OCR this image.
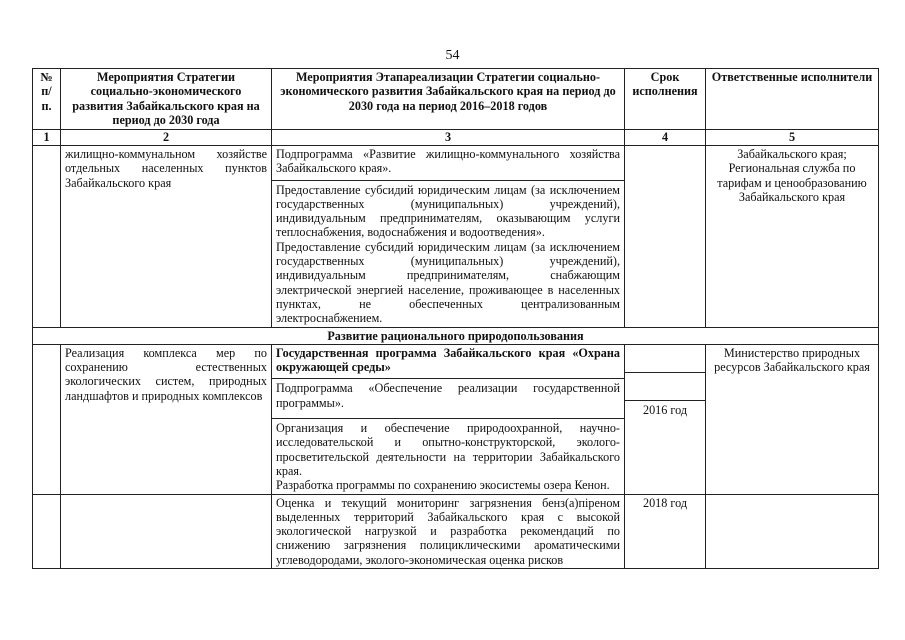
54
№ п/п.	Мероприятия Стратегии социально-экономического развития Забайкальского края на период до 2030 года	Мероприятия Этапареализации Стратегии социально-экономического развития Забайкальского края на период до 2030 года на период 2016–2018 годов	Срок исполнения	Ответственные исполнители
1	2	3	4	5
	жилищно-коммунальном хозяйстве отдельных населенных пунктов Забайкальского края	Подпрограмма «Развитие жилищно-коммунального хозяйства Забайкальского края».

Предоставление субсидий юридическим лицам (за исключением государственных (муниципальных) учреждений), индивидуальным предпринимателям, оказывающим услуги теплоснабжения, водоснабжения и водоотведения».

Предоставление субсидий юридическим лицам (за исключением государственных (муниципальных) учреждений), индивидуальным предпринимателям, снабжающим электрической энергией население, проживающее в населенных пунктах, не обеспеченных централизованным электроснабжением.		Забайкальского края; Региональная служба по тарифам и ценообразованию Забайкальского края
Развитие рационального природопользования				
	Реализация комплекса мер по сохранению естественных экологических систем, природных ландшафтов и природных комплексов	Государственная программа Забайкальского края «Охрана окружающей среды»

Подпрограмма «Обеспечение реализации государственной программы».

Организация и обеспечение природоохранной, научно-исследовательской и опытно-конструкторской, эколого-просветительской деятельности на территории Забайкальского края.

Разработка программы по сохранению экосистемы озера Кенон.	2016 год	Министерство природных ресурсов Забайкальского края
		Оценка и текущий мониторинг загрязнения бенз(а)піреном выделенных территорий Забайкальского края с высокой экологической нагрузкой и разработка рекомендаций по снижению загрязнения полициклическими ароматическими углеводородами, эколого-экономическая оценка рисков	2018 год	
